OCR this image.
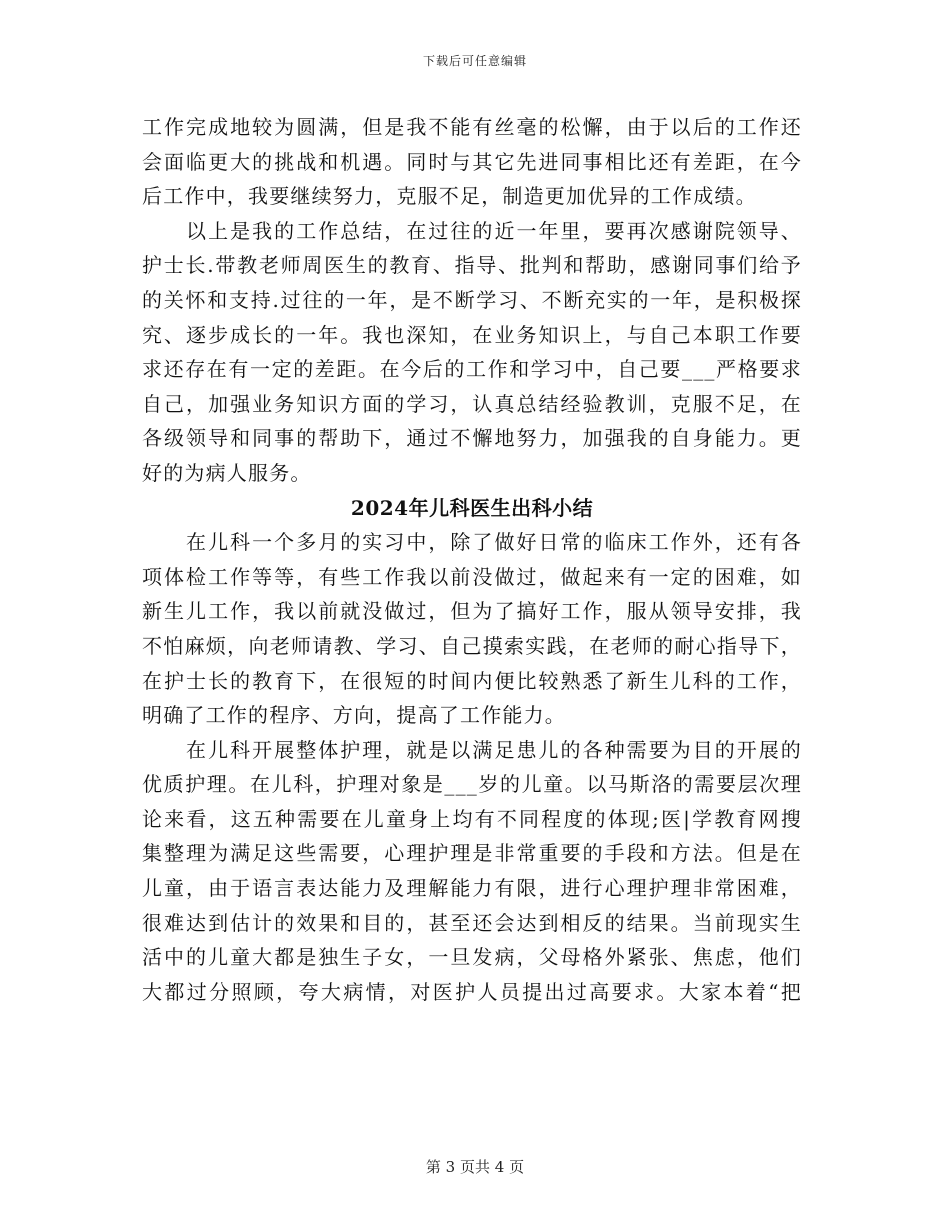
下载后可任意编辑
工作完成地较为圆满，但是我不能有丝毫的松懈，由于以后的工作还
会面临更大的挑战和机遇。同时与其它先进同事相比还有差距，在今
后工作中，我要继续努力，克服不足，制造更加优异的工作成绩。
　　以上是我的工作总结，在过往的近一年里，要再次感谢院领导、
护士长.带教老师周医生的教育、指导、批判和帮助，感谢同事们给予
的关怀和支持.过往的一年，是不断学习、不断充实的一年，是积极探
究、逐步成长的一年。我也深知，在业务知识上，与自己本职工作要
求还存在有一定的差距。在今后的工作和学习中，自己要___严格要求
自己，加强业务知识方面的学习，认真总结经验教训，克服不足，在
各级领导和同事的帮助下，通过不懈地努力，加强我的自身能力。更
好的为病人服务。
2024年儿科医生出科小结
　　在儿科一个多月的实习中，除了做好日常的临床工作外，还有各
项体检工作等等，有些工作我以前没做过，做起来有一定的困难，如
新生儿工作，我以前就没做过，但为了搞好工作，服从领导安排，我
不怕麻烦，向老师请教、学习、自己摸索实践，在老师的耐心指导下，
在护士长的教育下，在很短的时间内便比较熟悉了新生儿科的工作，
明确了工作的程序、方向，提高了工作能力。
　　在儿科开展整体护理，就是以满足患儿的各种需要为目的开展的
优质护理。在儿科，护理对象是___岁的儿童。以马斯洛的需要层次理
论来看，这五种需要在儿童身上均有不同程度的体现;医|学教育网搜
集整理为满足这些需要，心理护理是非常重要的手段和方法。但是在
儿童，由于语言表达能力及理解能力有限，进行心理护理非常困难，
很难达到估计的效果和目的，甚至还会达到相反的结果。当前现实生
活中的儿童大都是独生子女，一旦发病，父母格外紧张、焦虑，他们
大都过分照顾，夸大病情，对医护人员提出过高要求。大家本着“把
第 3 页共 4 页
